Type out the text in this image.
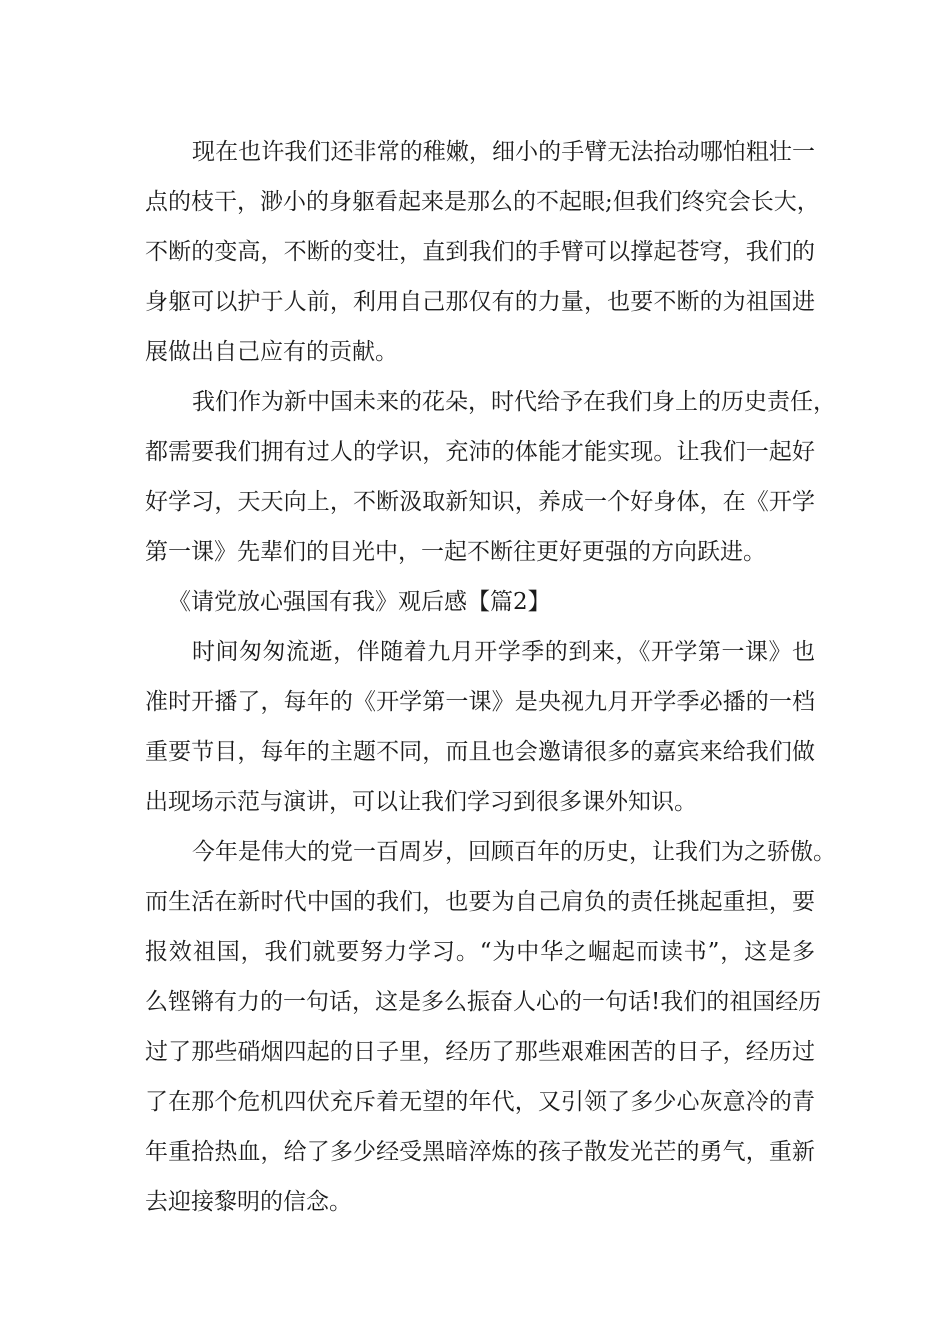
现在也许我们还非常的稚嫩，细小的手臂无法抬动哪怕粗壮一
点的枝干，渺小的身躯看起来是那么的不起眼;但我们终究会长大，
不断的变高，不断的变壮，直到我们的手臂可以撑起苍穹，我们的
身躯可以护于人前，利用自己那仅有的力量，也要不断的为祖国进
展做出自己应有的贡献。
我们作为新中国未来的花朵，时代给予在我们身上的历史责任，
都需要我们拥有过人的学识，充沛的体能才能实现。让我们一起好
好学习，天天向上，不断汲取新知识，养成一个好身体，在《开学
第一课》先辈们的目光中，一起不断往更好更强的方向跃进。
《请党放心强国有我》观后感【篇2】
时间匆匆流逝，伴随着九月开学季的到来，《开学第一课》也
准时开播了，每年的《开学第一课》是央视九月开学季必播的一档
重要节目，每年的主题不同，而且也会邀请很多的嘉宾来给我们做
出现场示范与演讲，可以让我们学习到很多课外知识。
今年是伟大的党一百周岁，回顾百年的历史，让我们为之骄傲。
而生活在新时代中国的我们，也要为自己肩负的责任挑起重担，要
报效祖国，我们就要努力学习。“为中华之崛起而读书”，这是多
么铿锵有力的一句话，这是多么振奋人心的一句话!我们的祖国经历
过了那些硝烟四起的日子里，经历了那些艰难困苦的日子，经历过
了在那个危机四伏充斥着无望的年代，又引领了多少心灰意冷的青
年重拾热血，给了多少经受黑暗淬炼的孩子散发光芒的勇气，重新
去迎接黎明的信念。
